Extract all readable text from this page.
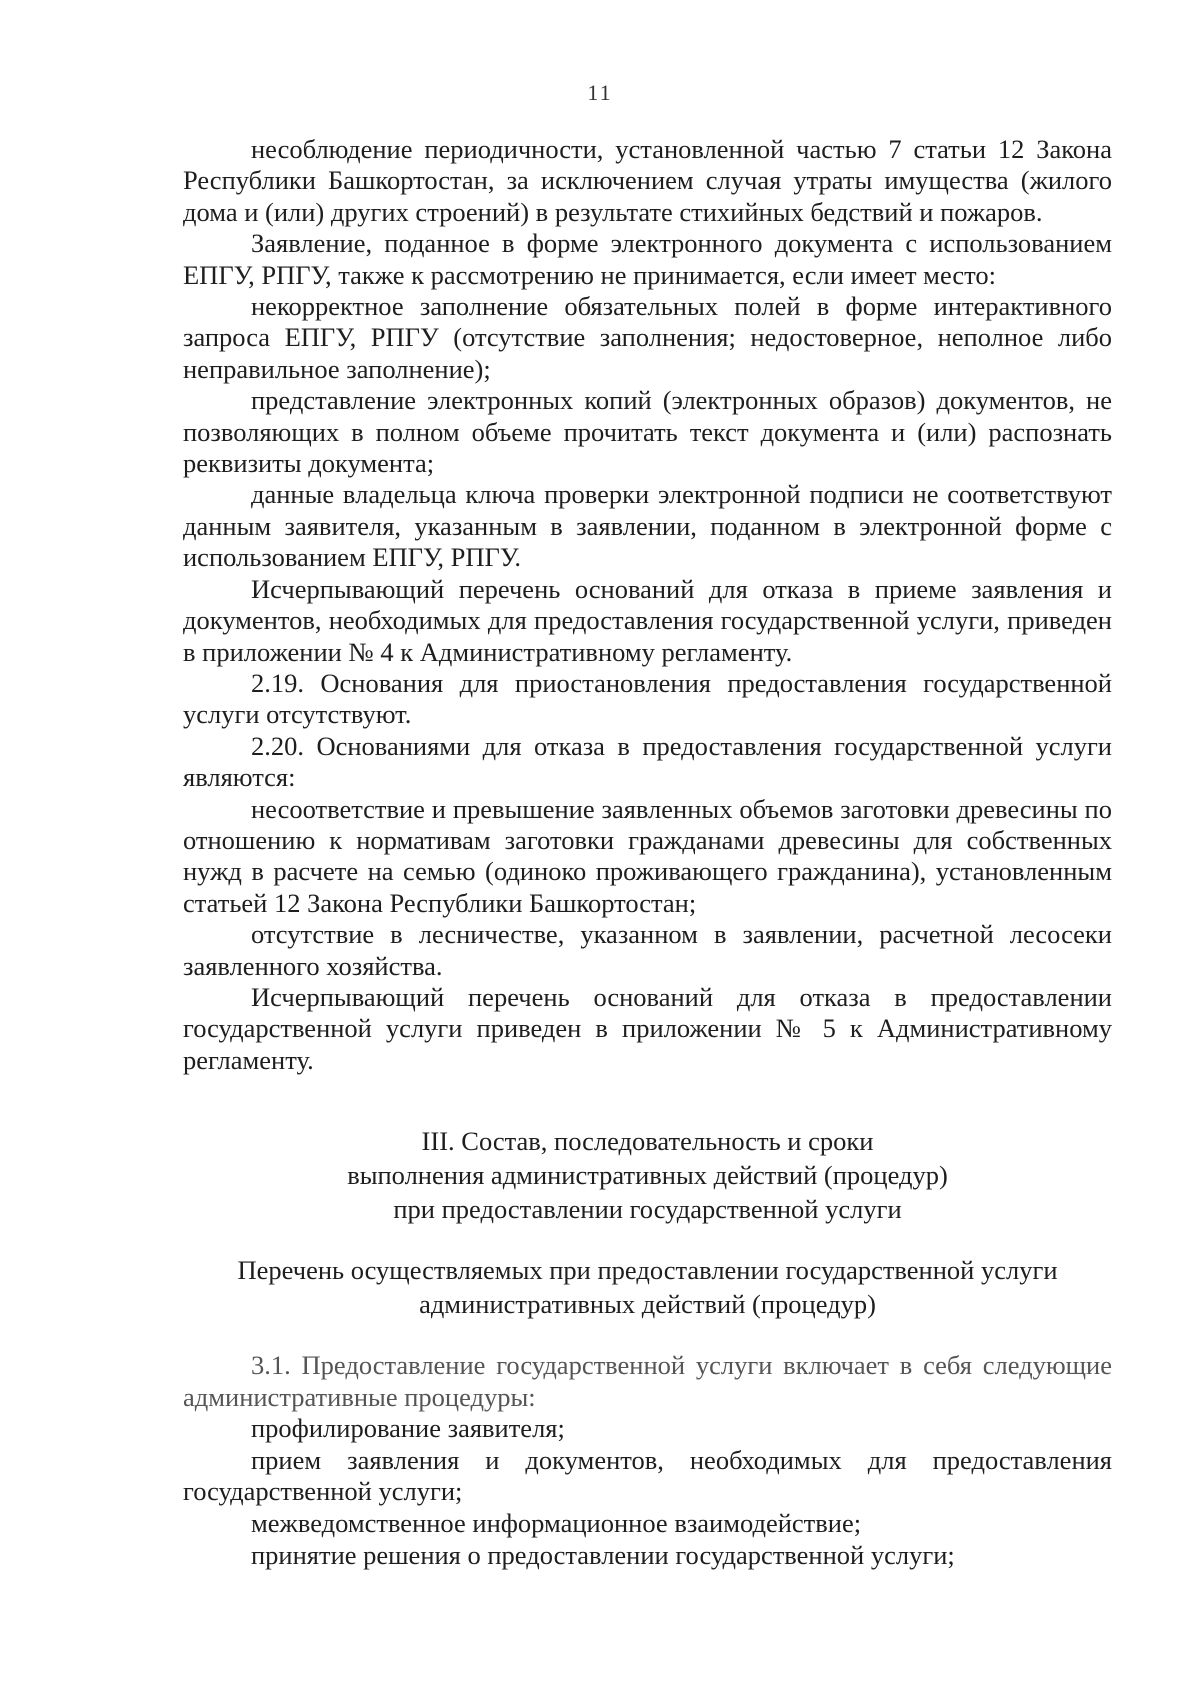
11

несоблюдение периодичности, установленной частью 7 статьи 12 Закона Республики Башкортостан, за исключением случая утраты имущества (жилого дома и (или) других строений) в результате стихийных бедствий и пожаров.

Заявление, поданное в форме электронного документа с использованием ЕПГУ, РПГУ, также к рассмотрению не принимается, если имеет место:

некорректное заполнение обязательных полей в форме интерактивного запроса ЕПГУ, РПГУ (отсутствие заполнения; недостоверное, неполное либо неправильное заполнение);

представление электронных копий (электронных образов) документов, не позволяющих в полном объеме прочитать текст документа и (или) распознать реквизиты документа;

данные владельца ключа проверки электронной подписи не соответствуют данным заявителя, указанным в заявлении, поданном в электронной форме с использованием ЕПГУ, РПГУ.

Исчерпывающий перечень оснований для отказа в приеме заявления и документов, необходимых для предоставления государственной услуги, приведен в приложении № 4 к Административному регламенту.

2.19. Основания для приостановления предоставления государственной услуги отсутствуют.

2.20. Основаниями для отказа в предоставления государственной услуги являются:

несоответствие и превышение заявленных объемов заготовки древесины по отношению к нормативам заготовки гражданами древесины для собственных нужд в расчете на семью (одиноко проживающего гражданина), установленным статьей 12 Закона Республики Башкортостан;

отсутствие в лесничестве, указанном в заявлении, расчетной лесосеки заявленного хозяйства.

Исчерпывающий перечень оснований для отказа в предоставлении государственной услуги приведен в приложении № 5 к Административному регламенту.

III. Состав, последовательность и сроки

выполнения административных действий (процедур)

при предоставлении государственной услуги

Перечень осуществляемых при предоставлении государственной услуги

административных действий (процедур)

3.1. Предоставление государственной услуги включает в себя следующие административные процедуры:

профилирование заявителя;

прием заявления и документов, необходимых для предоставления государственной услуги;

межведомственное информационное взаимодействие;

принятие решения о предоставлении государственной услуги;
